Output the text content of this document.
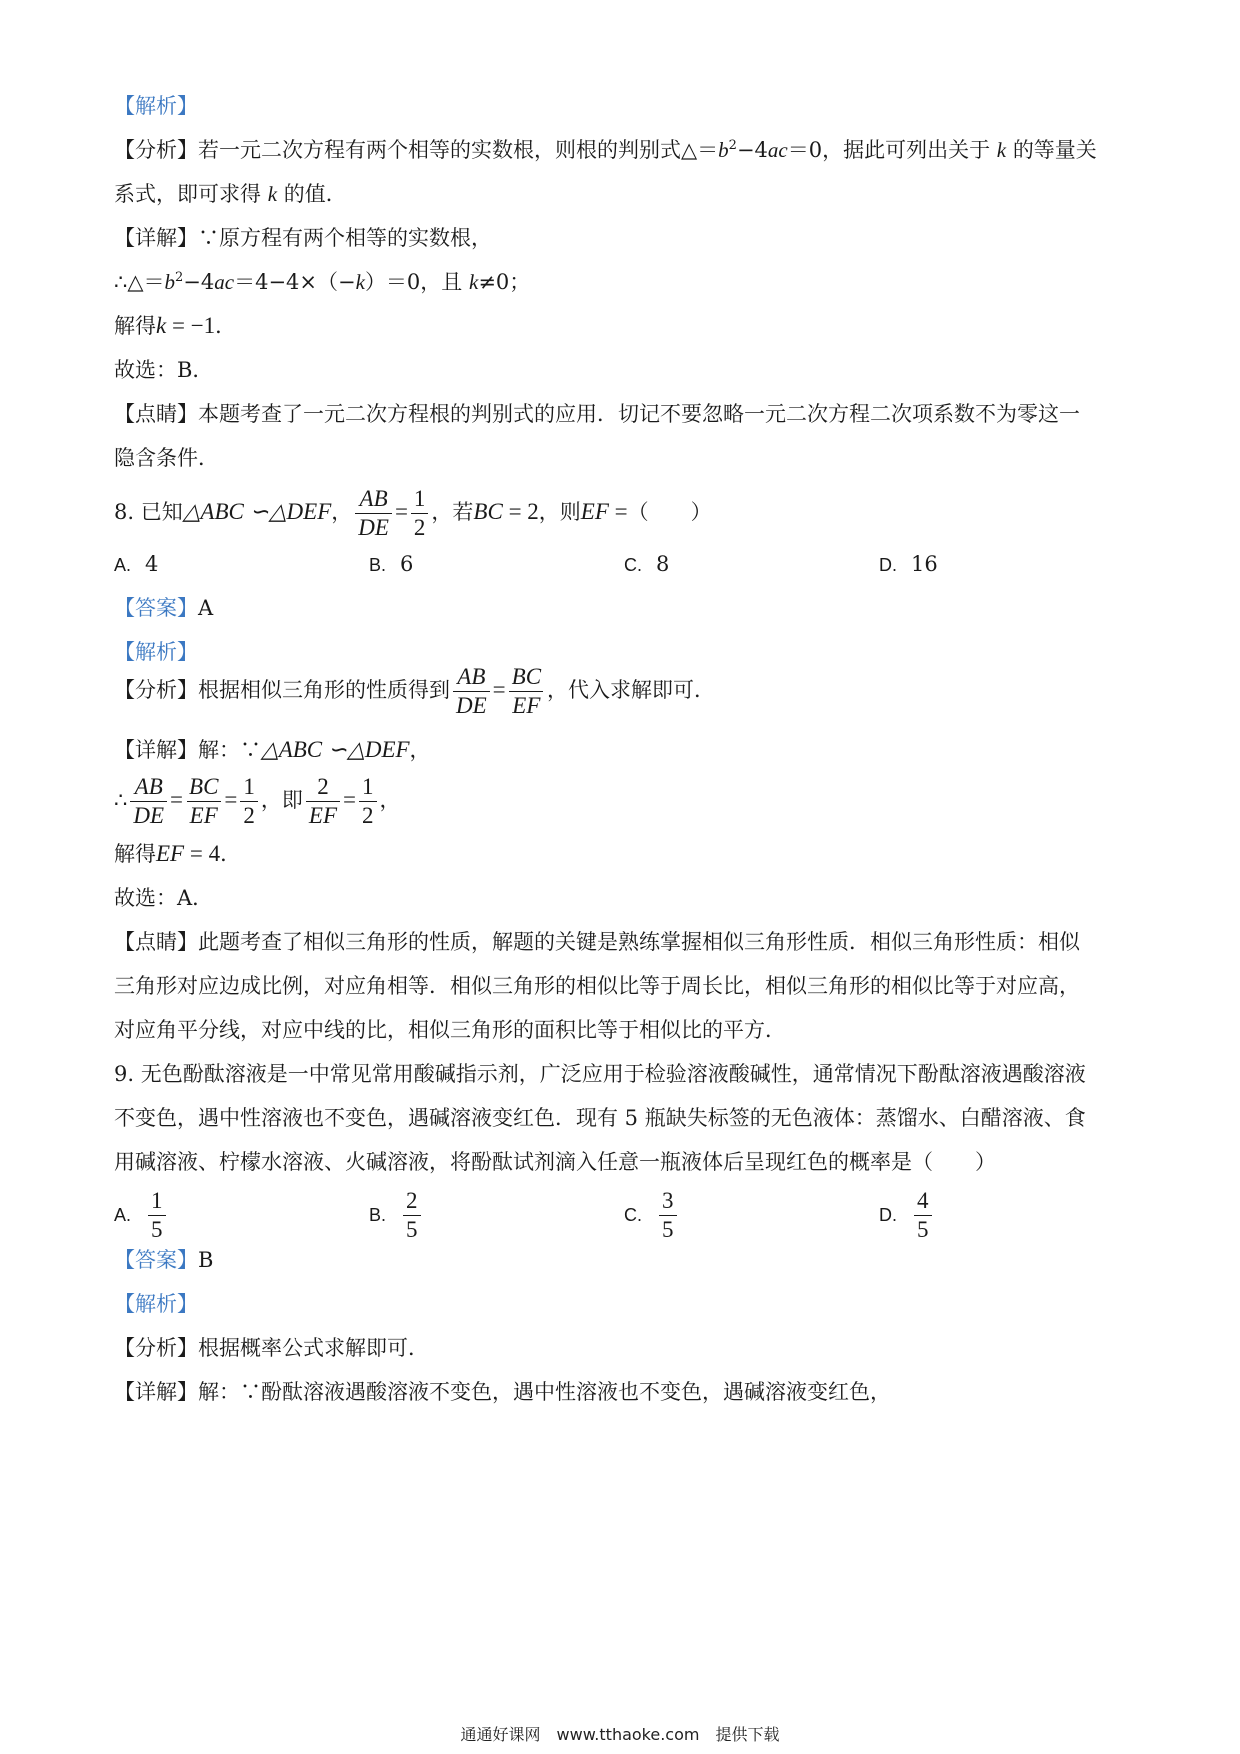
【解析】
【分析】若一元二次方程有两个相等的实数根，则根的判别式$\triangle=b^2-4ac=0$，据此可列出关于 k 的等量关
系式，即可求得 k 的值．
【详解】∵原方程有两个相等的实数根，
$\therefore\triangle=b^2-4ac=4-4\times(-k)=0$，且 k≠0；
解得k = −1．
故选：B．
【点睛】本题考查了一元二次方程根的判别式的应用．切记不要忽略一元二次方程二次项系数不为零这一
隐含条件．
8. 已知△ABC ∽△DEF， $\frac{AB}{DE} = \frac{1}{2}$ ，若BC = 2，则EF =（　　）
A. 4	B. 6	C. 8	D. 16
【答案】A
【解析】
【分析】根据相似三角形的性质得到 $\frac{AB}{DE} = \frac{BC}{EF}$ ，代入求解即可．
【详解】解：∵△ABC ∽△DEF，
∴ $\frac{AB}{DE} = \frac{BC}{EF} = \frac{1}{2}$ ，即 $\frac{2}{EF} = \frac{1}{2}$ ，
解得EF = 4．
故选：A．
【点睛】此题考查了相似三角形的性质，解题的关键是熟练掌握相似三角形性质．相似三角形性质：相似
三角形对应边成比例，对应角相等．相似三角形的相似比等于周长比，相似三角形的相似比等于对应高，
对应角平分线，对应中线的比，相似三角形的面积比等于相似比的平方．
9. 无色酚酞溶液是一中常见常用酸碱指示剂，广泛应用于检验溶液酸碱性，通常情况下酚酞溶液遇酸溶液
不变色，遇中性溶液也不变色，遇碱溶液变红色．现有 5 瓶缺失标签的无色液体：蒸馏水、白醋溶液、食
用碱溶液、柠檬水溶液、火碱溶液，将酚酞试剂滴入任意一瓶液体后呈现红色的概率是（　　）
A. $\frac{1}{5}$	B. $\frac{2}{5}$	C. $\frac{3}{5}$	D. $\frac{4}{5}$
【答案】B
【解析】
【分析】根据概率公式求解即可．
【详解】解：∵酚酞溶液遇酸溶液不变色，遇中性溶液也不变色，遇碱溶液变红色，
通通好课网　www.tthaoke.com　提供下载
